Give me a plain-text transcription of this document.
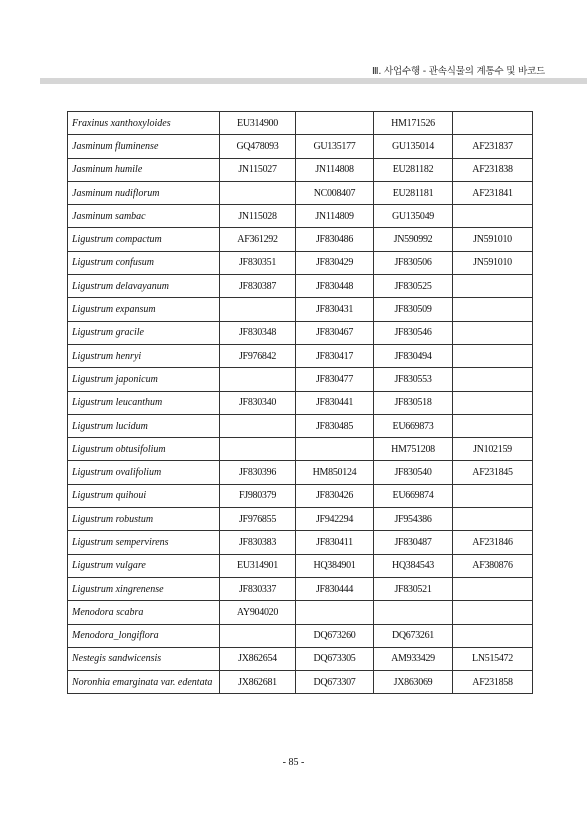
Ⅲ. 사업수행 - 관속식물의 계통수 및 바코드
Fraxinus xanthoxyloides	EU314900		HM171526	
Jasminum fluminense	GQ478093	GU135177	GU135014	AF231837
Jasminum humile	JN115027	JN114808	EU281182	AF231838
Jasminum nudiflorum		NC008407	EU281181	AF231841
Jasminum sambac	JN115028	JN114809	GU135049	
Ligustrum compactum	AF361292	JF830486	JN590992	JN591010
Ligustrum confusum	JF830351	JF830429	JF830506	JN591010
Ligustrum delavayanum	JF830387	JF830448	JF830525	
Ligustrum expansum		JF830431	JF830509	
Ligustrum gracile	JF830348	JF830467	JF830546	
Ligustrum henryi	JF976842	JF830417	JF830494	
Ligustrum japonicum		JF830477	JF830553	
Ligustrum leucanthum	JF830340	JF830441	JF830518	
Ligustrum lucidum		JF830485	EU669873	
Ligustrum obtusifolium			HM751208	JN102159
Ligustrum ovalifolium	JF830396	HM850124	JF830540	AF231845
Ligustrum quihoui	FJ980379	JF830426	EU669874	
Ligustrum robustum	JF976855	JF942294	JF954386	
Ligustrum sempervirens	JF830383	JF830411	JF830487	AF231846
Ligustrum vulgare	EU314901	HQ384901	HQ384543	AF380876
Ligustrum xingrenense	JF830337	JF830444	JF830521	
Menodora scabra	AY904020			
Menodora_longiflora		DQ673260	DQ673261	
Nestegis sandwicensis	JX862654	DQ673305	AM933429	LN515472
Noronhia emarginata var. edentata	JX862681	DQ673307	JX863069	AF231858
- 85 -
